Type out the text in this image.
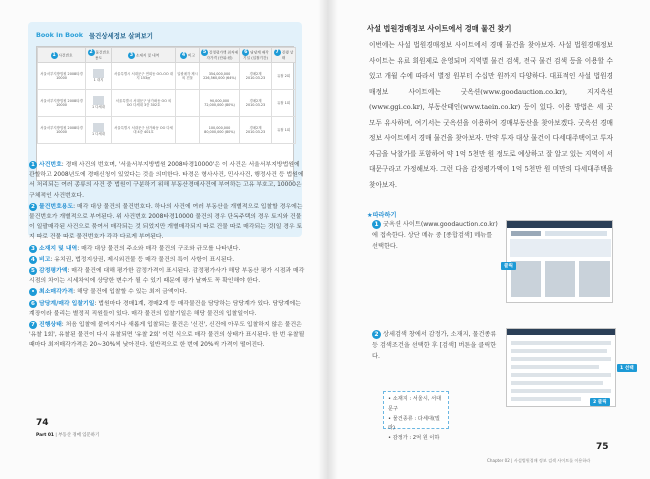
Book in Book 물건상세정보 살펴보기
1 사건번호	2 물건번호 용도	3 소재지 및 내역	4 비고	5 감정평가액 최저매각가격 (단위:원)	6 담당계 매각기일 (입찰기간)	7 진행 상태
서울서부지방법원 2008타경10000	1 대지	서울특별시 서대문구 연희동 OO-OO 대지 153㎡	일괄매각 제시외 건물	354,000,000 226,560,000 (64%)	경매2계 2010.03.23	유찰 2회
서울서부지방법원 2008타경10000	1 다세대	서울특별시 서대문구 남가좌동 OO 외 OO 다세대 3층 302호		90,000,000 72,000,000 (80%)	경매2계 2010.03.23	유찰 1회
서울서부지방법원 2008타경10000	1 다세대	서울특별시 서대문구 남가좌동 OO 다세대 4층 401호		100,000,000 80,000,000 (80%)	경매2계 2010.03.23	유찰 1회
1 사건번호: 경매 사건의 번호며, '서울서부지방법원 2008타경10000'은 이 사건은 서울서부지방법원에 관할하고 2008년도에 경매신청이 있었다는 것을 의미한다. 타경은 형사사건, 민사사건, 행정사건 등 법원에서 처리되는 여러 종류의 사건 중 법원이 구분하기 위해 부동산경매사건에 부여하는 고유 부호고, 10000은 구체적인 사건번호다.
2 물건번호용도: 매각 대상 물건의 물건번호다. 하나의 사건에 여러 부동산을 개별적으로 입찰할 경우에는 물건번호가 개별적으로 부여된다. 위 사건번호 2008타경10000 물건의 경우 단독주택의 경우 토지와 건물이 일괄매각된 사건으로 묶여서 매각되는 것 되었지만 개별매각되지 따로 건물 따로 매각되는 것(일 경우 토지 따로 건물 따로 물건번호가 각각 다르게 부여된다.
3 소재지 및 내역: 매각 대상 물건의 주소와 매각 물건의 구조와 규모를 나타낸다.
4 비고: 유치권, 법정지상권, 제시외건물 등 매각 물건의 특이 사항이 표시된다.
5 감정평가액: 매각 물건에 대해 평가한 감정가격이 표시된다. 감정평가사가 해당 부동산 평가 시점과 매각 시점의 차이는 시세차익에 상당한 변수가 될 수 있기 때문에 평가 날짜도 꼭 확인해야 한다.
• 최소매각가격: 해당 물건에 입찰할 수 있는 최저 금액이다.
6 담당계/매각 입찰기일: 법원마다 경매1계, 경매2계 등 매각물건을 담당하는 담당계가 있다. 담당계에는 계장이라 불리는 별정직 직원들이 있다. 매각 물건의 입찰기일은 해당 물건의 입찰일이다.
7 진행상태: 처음 입찰에 붙여지거나 새롭게 입찰되는 물건은 '신건', 신건에 아무도 입찰하지 않은 물건은 '유찰 1회', 유찰된 물건이 다시 유찰되면 '유찰 2회' 이런 식으로 매각 물건의 상태가 표시된다. 한 번 유찰될 때마다 최저매각가격은 20~30%씩 낮아진다. 일반적으로 한 번에 20%씩 가격이 떨어진다.
74
Part 01 | 부동산 경매 입문하기
사설 법원경매정보 사이트에서 경매 물건 찾기
이번에는 사설 법원경매정보 사이트에서 경매 물건을 찾아보자. 사설 법원경매정보 사이트는 유료 회원제로 운영되며 지역별 물건 검색, 전국 물건 검색 등을 이용할 수 있고 개월 수에 따라서 별정 원부터 수십만 원까지 다양하다. 대표적인 사설 법원경매정보 사이트에는 굿옥션(www.goodauction.co.kr), 지지옥션(www.ggi.co.kr), 부동산태인(www.taein.co.kr) 등이 있다. 이용 방법은 세 곳 모두 유사하며, 여기서는 굿옥션을 이용하여 경매부동산을 찾아보겠다. 굿옥션 경매정보 사이트에서 경매 물건을 찾아보자. 만약 투자 대상 물건이 다세대주택이고 투자 자금을 낙찰가를 포함하여 약 1억 5천만 원 정도로 예상하고 잘 알고 있는 지역이 서대문구라고 가정해보자. 그런 다음 감정평가액이 1억 5천만 원 미만의 다세대주택을 찾아보자.
★따라하기
1 굿옥션 사이트(www.goodauction.co.kr)에 접속한다. 상단 메뉴 중 [종합검색] 메뉴를 선택한다.
클릭
2 상세검색 창에서 감정가, 소재지, 물건종류 등 검색조건을 선택한 후 [검색] 버튼을 클릭한다.
1 선택
2 클릭
• 소재지 : 서울시, 서대문구
• 물건종류 : 다세대(빌라)
• 감정가 : 2억 원 이하
75
Chapter 02 | 사설법원경매 정보 검색 사이트를 이용하라
